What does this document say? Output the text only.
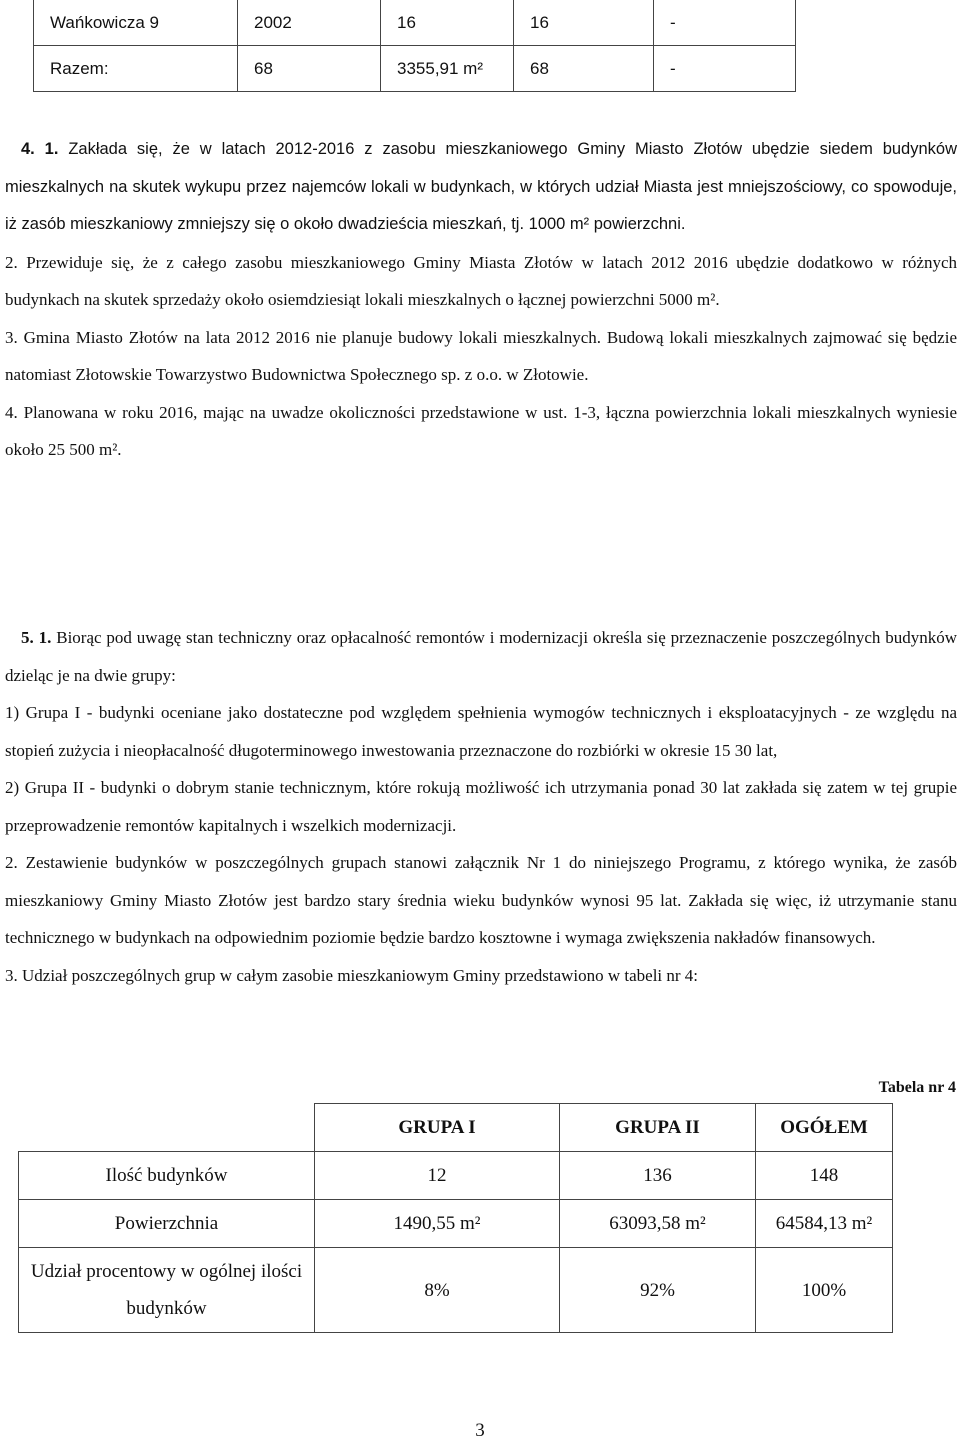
Wańkowicza 9	2002	16	16	-
Razem:	68	3355,91 m²	68	-

4. 1. Zakłada się, że w latach 2012-2016 z zasobu mieszkaniowego Gminy Miasto Złotów ubędzie siedem budynków mieszkalnych na skutek wykupu przez najemców lokali w budynkach, w których udział Miasta jest mniejszościowy, co spowoduje, iż zasób mieszkaniowy zmniejszy się o około dwadzieścia mieszkań, tj. 1000 m² powierzchni.

2. Przewiduje się, że z całego zasobu mieszkaniowego Gminy Miasta Złotów w latach 2012 2016 ubędzie dodatkowo w różnych budynkach na skutek sprzedaży około osiemdziesiąt lokali mieszkalnych o łącznej powierzchni 5000 m².

3. Gmina Miasto Złotów na lata 2012 2016 nie planuje budowy lokali mieszkalnych. Budową lokali mieszkalnych zajmować się będzie natomiast Złotowskie Towarzystwo Budownictwa Społecznego sp. z o.o. w Złotowie.

4. Planowana w roku 2016, mając na uwadze okoliczności przedstawione w ust. 1-3, łączna powierzchnia lokali mieszkalnych wyniesie około 25 500 m².

5. 1. Biorąc pod uwagę stan techniczny oraz opłacalność remontów i modernizacji określa się przeznaczenie poszczególnych budynków dzieląc je na dwie grupy:

1) Grupa I - budynki oceniane jako dostateczne pod względem spełnienia wymogów technicznych i eksploatacyjnych - ze względu na stopień zużycia i nieopłacalność długoterminowego inwestowania przeznaczone do rozbiórki w okresie 15 30 lat,

2) Grupa II - budynki o dobrym stanie technicznym, które rokują możliwość ich utrzymania ponad 30 lat zakłada się zatem w tej grupie przeprowadzenie remontów kapitalnych i wszelkich modernizacji.

2. Zestawienie budynków w poszczególnych grupach stanowi załącznik Nr 1 do niniejszego Programu, z którego wynika, że zasób mieszkaniowy Gminy Miasto Złotów jest bardzo stary średnia wieku budynków wynosi 95 lat. Zakłada się więc, iż utrzymanie stanu technicznego w budynkach na odpowiednim poziomie będzie bardzo kosztowne i wymaga zwiększenia nakładów finansowych.

3. Udział poszczególnych grup w całym zasobie mieszkaniowym Gminy przedstawiono w tabeli nr 4:

Tabela nr 4
	GRUPA I	GRUPA II	OGÓŁEM
Ilość budynków	12	136	148
Powierzchnia	1490,55 m²	63093,58 m²	64584,13 m²
Udział procentowy w ogólnej ilości budynków	8%	92%	100%
3
